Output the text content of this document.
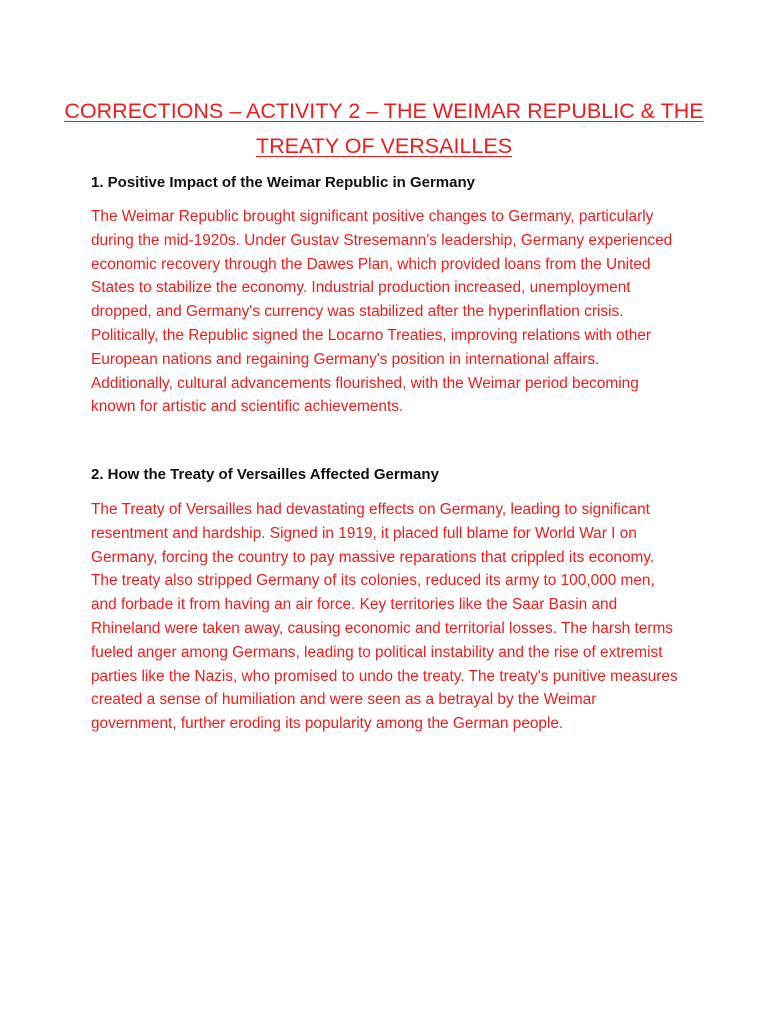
CORRECTIONS – ACTIVITY 2 – THE WEIMAR REPUBLIC & THE TREATY OF VERSAILLES
1. Positive Impact of the Weimar Republic in Germany

The Weimar Republic brought significant positive changes to Germany, particularly during the mid-1920s. Under Gustav Stresemann's leadership, Germany experienced economic recovery through the Dawes Plan, which provided loans from the United States to stabilize the economy. Industrial production increased, unemployment dropped, and Germany's currency was stabilized after the hyperinflation crisis. Politically, the Republic signed the Locarno Treaties, improving relations with other European nations and regaining Germany's position in international affairs. Additionally, cultural advancements flourished, with the Weimar period becoming known for artistic and scientific achievements.

2. How the Treaty of Versailles Affected Germany

The Treaty of Versailles had devastating effects on Germany, leading to significant resentment and hardship. Signed in 1919, it placed full blame for World War I on Germany, forcing the country to pay massive reparations that crippled its economy. The treaty also stripped Germany of its colonies, reduced its army to 100,000 men, and forbade it from having an air force. Key territories like the Saar Basin and Rhineland were taken away, causing economic and territorial losses. The harsh terms fueled anger among Germans, leading to political instability and the rise of extremist parties like the Nazis, who promised to undo the treaty. The treaty's punitive measures created a sense of humiliation and were seen as a betrayal by the Weimar government, further eroding its popularity among the German people.
